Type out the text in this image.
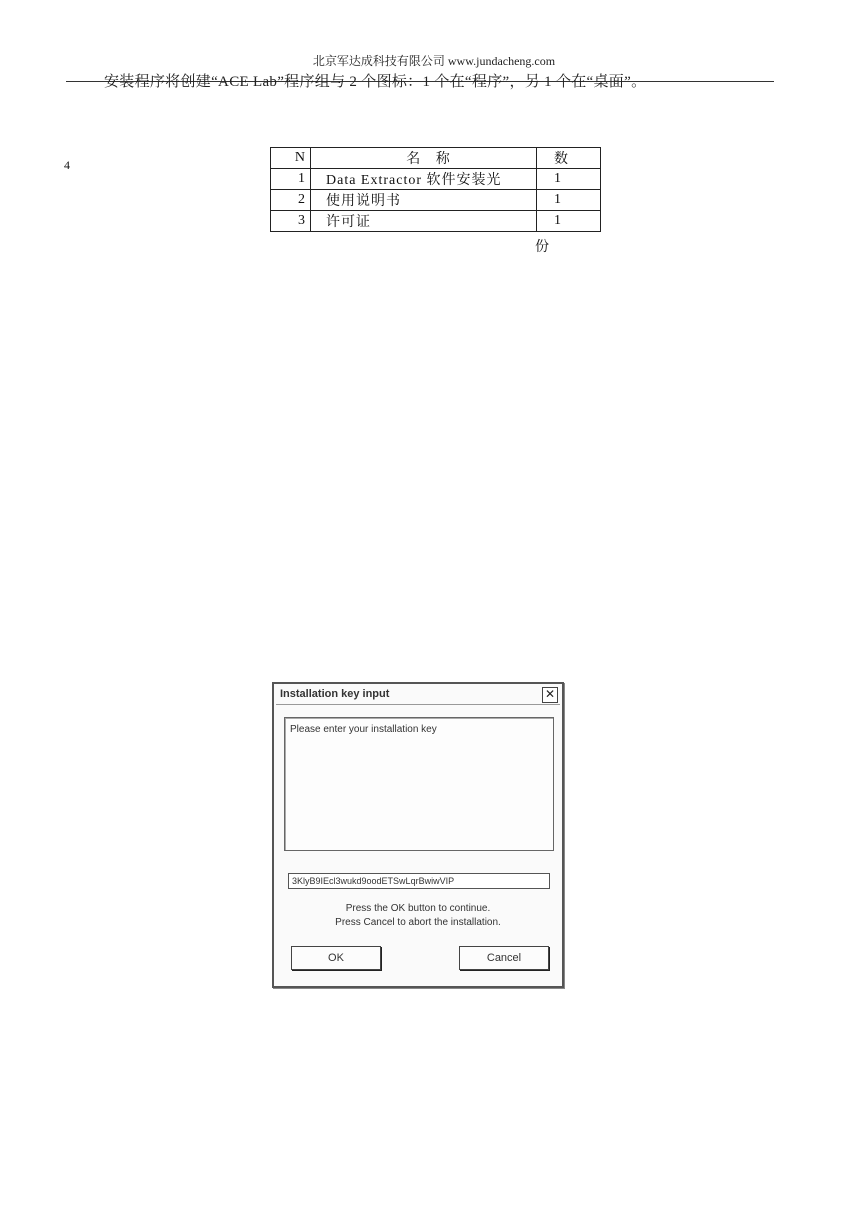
北京军达成科技有限公司 www.jundacheng.com
安装程序将创建“ACE Lab”程序组与 2 个图标：1 个在“程序”，另 1 个在“桌面”。
4	N	名 称	数
1	Data Extractor 软件安装光	1
2	使用说明书	1
3	许可证	1
份
Installation key input	✕
Please enter your installation key
3KlyB9IEcl3wukd9oodETSwLqrBwiwVIP
Press the OK button to continue.
Press Cancel to abort the installation.
OK	Cancel
